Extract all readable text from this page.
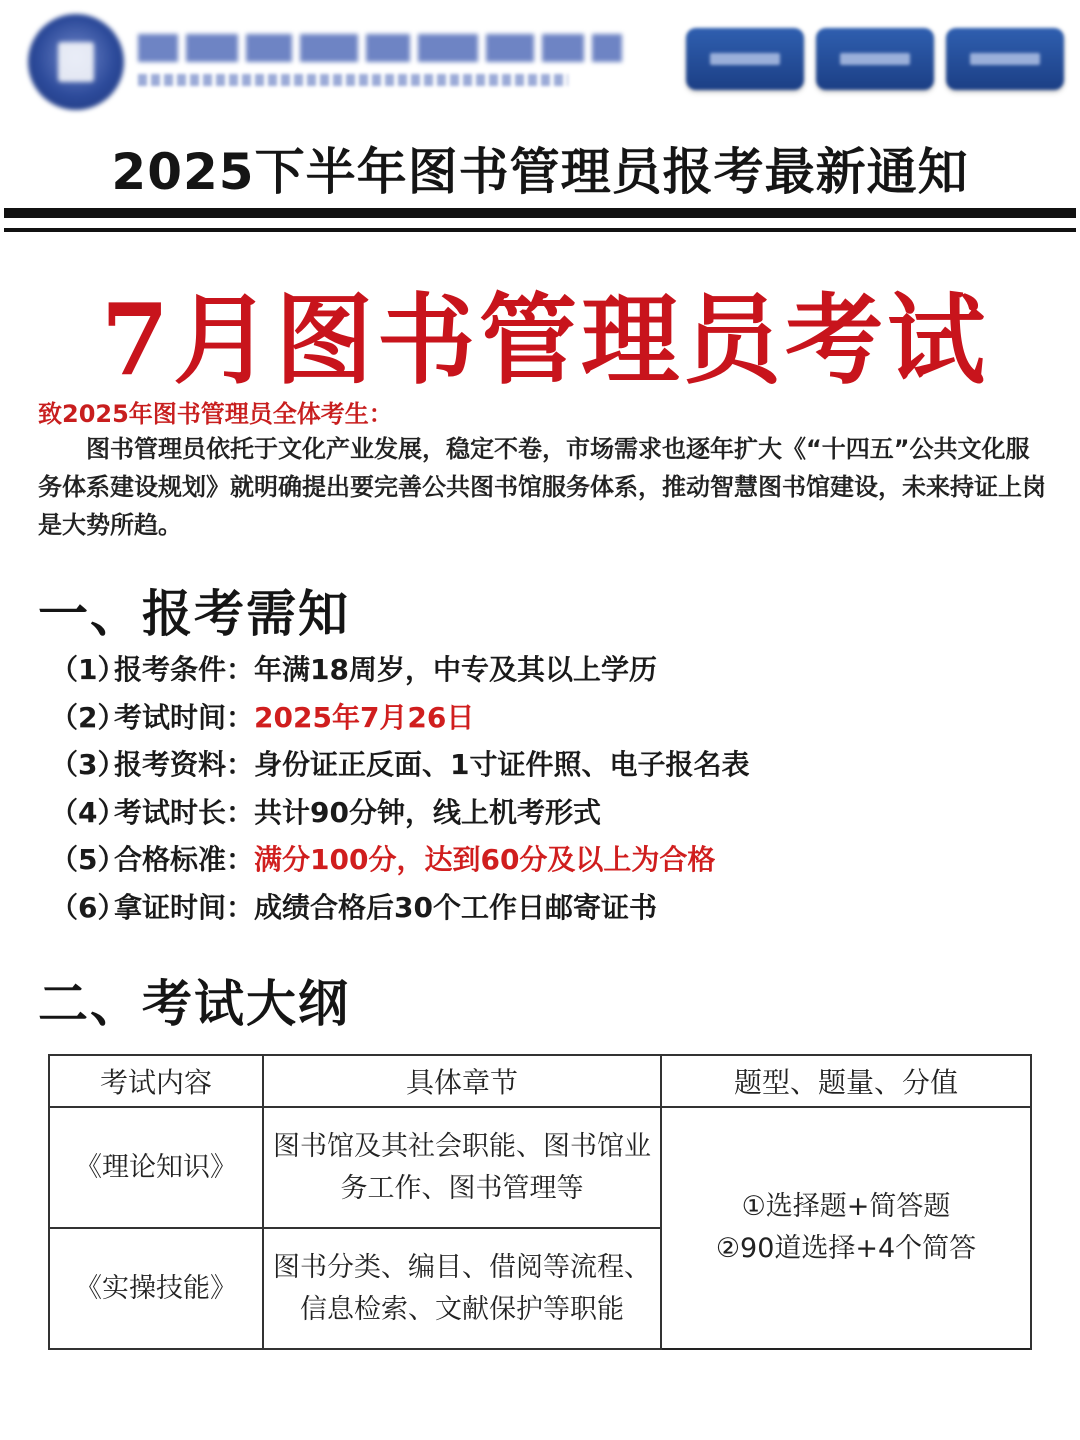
2025下半年图书管理员报考最新通知
7月图书管理员考试
致2025年图书管理员全体考生：
图书管理员依托于文化产业发展，稳定不卷，市场需求也逐年扩大《“十四五”公共文化服务体系建设规划》就明确提出要完善公共图书馆服务体系，推动智慧图书馆建设，未来持证上岗是大势所趋。
一、报考需知
（1）报考条件：年满18周岁，中专及其以上学历
（2）考试时间：2025年7月26日
（3）报考资料：身份证正反面、1寸证件照、电子报名表
（4）考试时长：共计90分钟，线上机考形式
（5）合格标准：满分100分，达到60分及以上为合格
（6）拿证时间：成绩合格后30个工作日邮寄证书
二、考试大纲
考试内容	具体章节	题型、题量、分值
《理论知识》	图书馆及其社会职能、图书馆业务工作、图书管理等	①选择题+简答题
②90道选择+4个简答

《实操技能》	图书分类、编目、借阅等流程、信息检索、文献保护等职能	
